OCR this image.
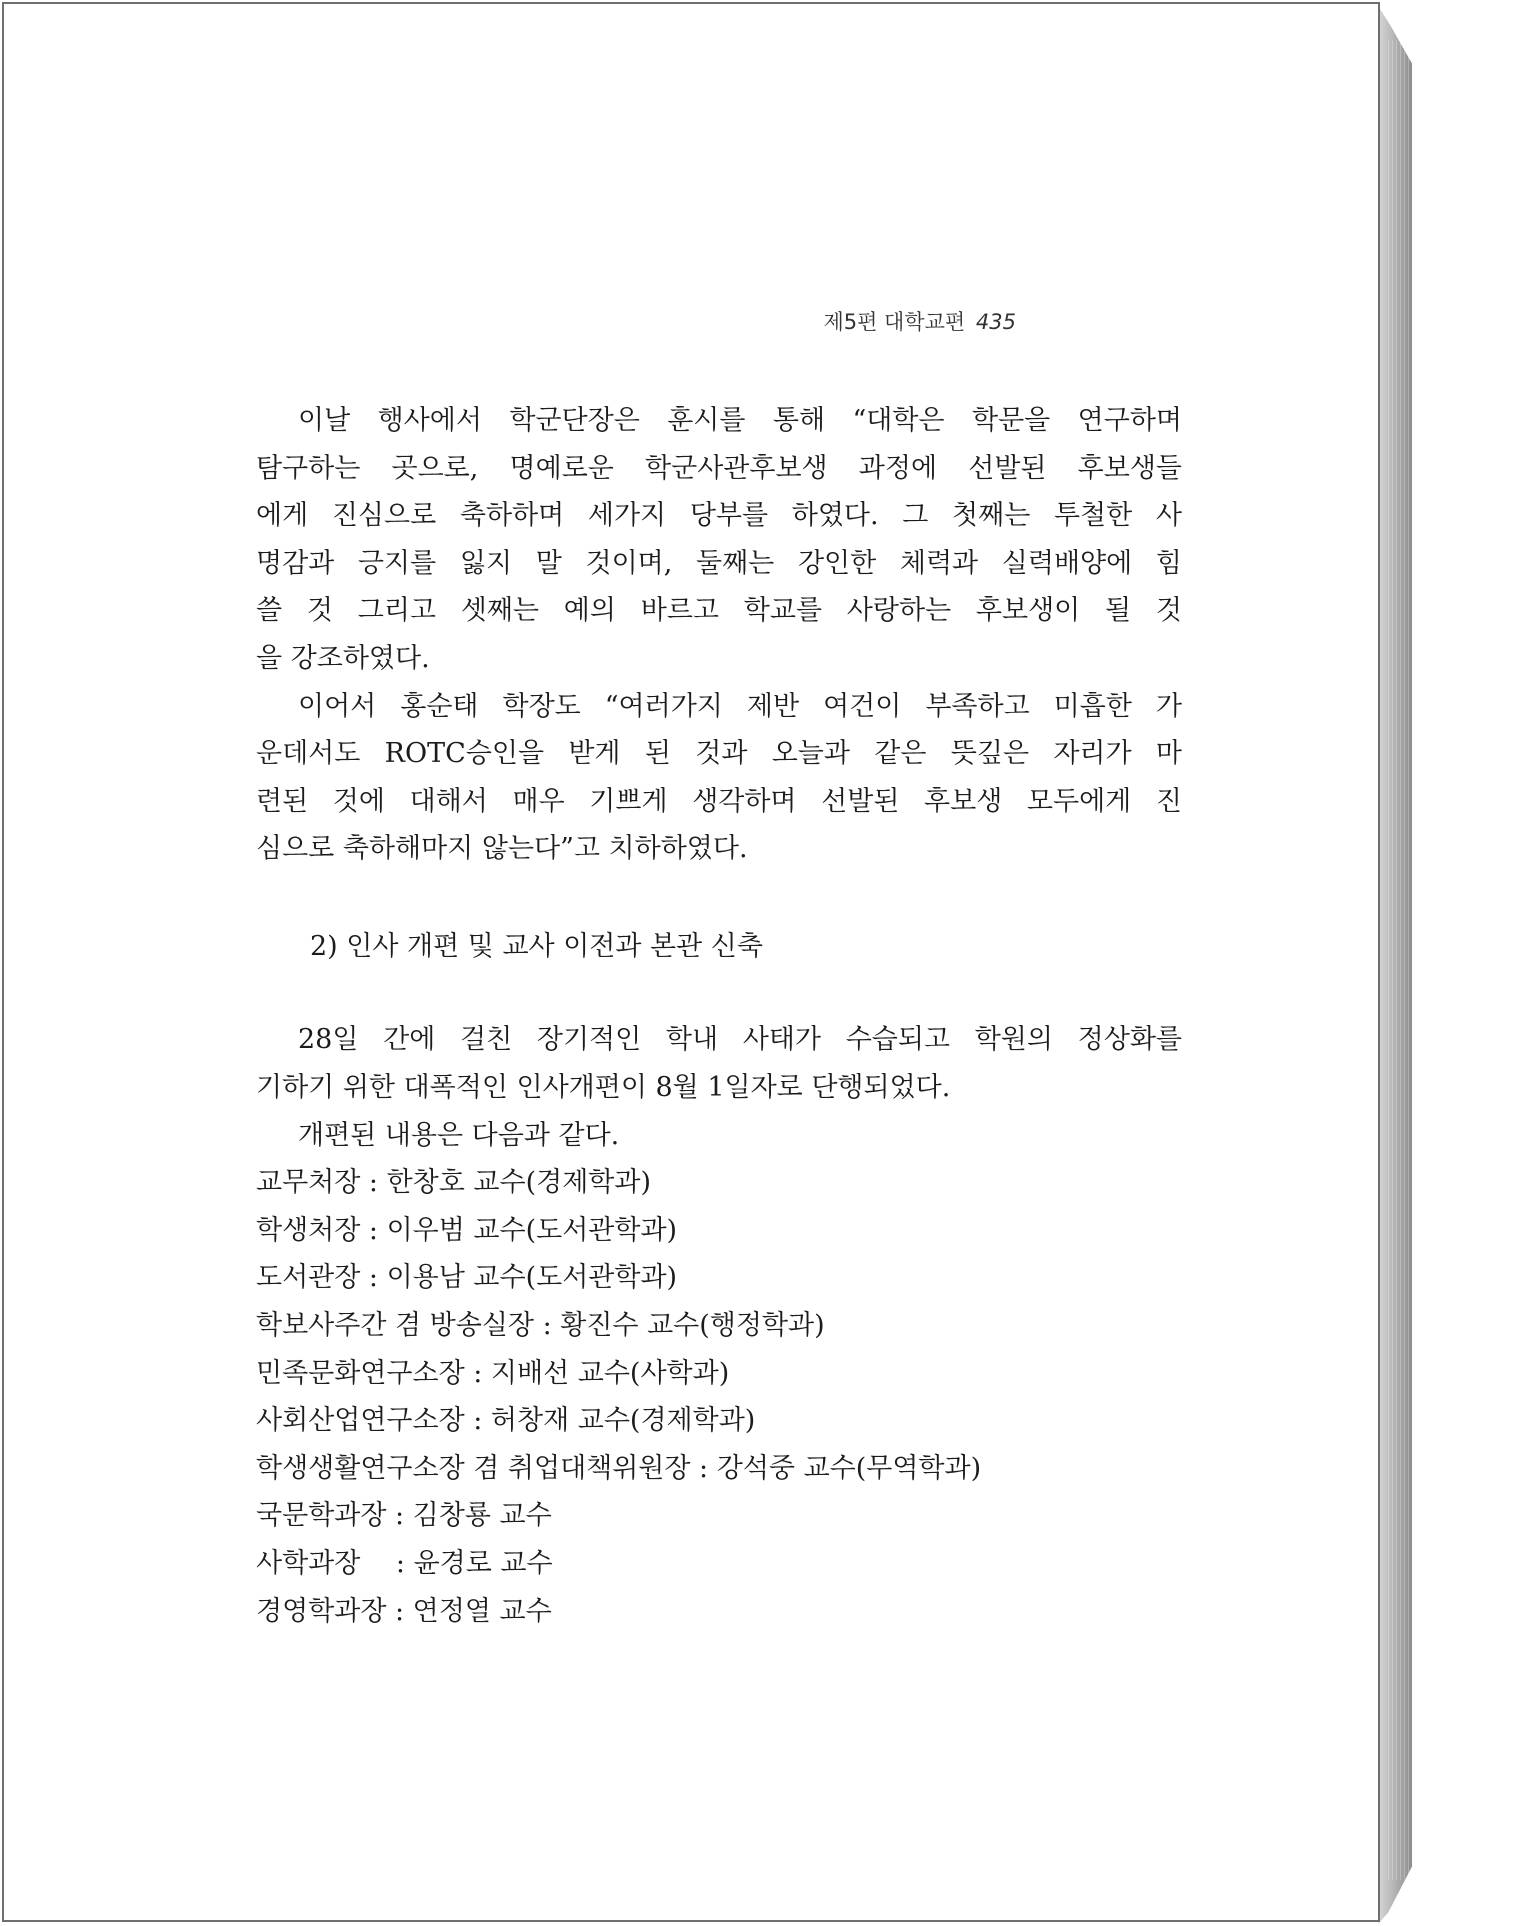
제5편 대학교편 435
이날 행사에서 학군단장은 훈시를 통해 “대학은 학문을 연구하며
탐구하는 곳으로, 명예로운 학군사관후보생 과정에 선발된 후보생들
에게 진심으로 축하하며 세가지 당부를 하였다. 그 첫째는 투철한 사
명감과 긍지를 잃지 말 것이며, 둘째는 강인한 체력과 실력배양에 힘
쓸 것 그리고 셋째는 예의 바르고 학교를 사랑하는 후보생이 될 것
을 강조하였다.
이어서 홍순태 학장도 “여러가지 제반 여건이 부족하고 미흡한 가
운데서도 ROTC승인을 받게 된 것과 오늘과 같은 뜻깊은 자리가 마
련된 것에 대해서 매우 기쁘게 생각하며 선발된 후보생 모두에게 진
심으로 축하해마지 않는다”고 치하하였다.
2) 인사 개편 및 교사 이전과 본관 신축
28일 간에 걸친 장기적인 학내 사태가 수습되고 학원의 정상화를
기하기 위한 대폭적인 인사개편이 8월 1일자로 단행되었다.
개편된 내용은 다음과 같다.
교무처장 : 한창호 교수(경제학과)
학생처장 : 이우범 교수(도서관학과)
도서관장 : 이용남 교수(도서관학과)
학보사주간 겸 방송실장 : 황진수 교수(행정학과)
민족문화연구소장 : 지배선 교수(사학과)
사회산업연구소장 : 허창재 교수(경제학과)
학생생활연구소장 겸 취업대책위원장 : 강석중 교수(무역학과)
국문학과장 : 김창룡 교수
사학과장　 : 윤경로 교수
경영학과장 : 연정열 교수
